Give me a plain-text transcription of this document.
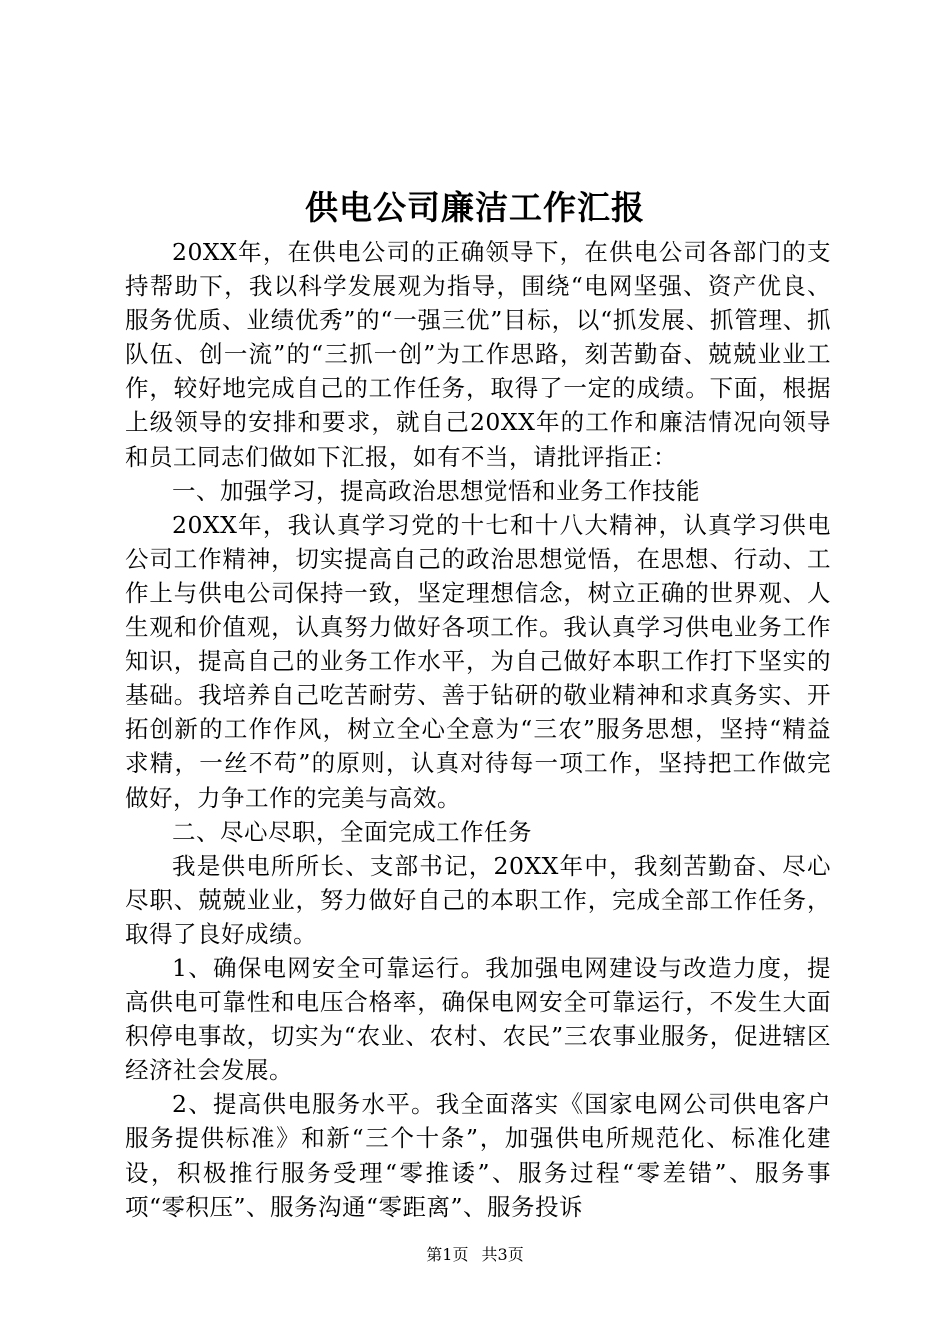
供电公司廉洁工作汇报

20XX年，在供电公司的正确领导下，在供电公司各部门的支持帮助下，我以科学发展观为指导，围绕“电网坚强、资产优良、服务优质、业绩优秀”的“一强三优”目标，以“抓发展、抓管理、抓队伍、创一流”的“三抓一创”为工作思路，刻苦勤奋、兢兢业业工作，较好地完成自己的工作任务，取得了一定的成绩。下面，根据上级领导的安排和要求，就自己20XX年的工作和廉洁情况向领导和员工同志们做如下汇报，如有不当，请批评指正：

一、加强学习，提高政治思想觉悟和业务工作技能

20XX年，我认真学习党的十七和十八大精神，认真学习供电公司工作精神，切实提高自己的政治思想觉悟，在思想、行动、工作上与供电公司保持一致，坚定理想信念，树立正确的世界观、人生观和价值观，认真努力做好各项工作。我认真学习供电业务工作知识，提高自己的业务工作水平，为自己做好本职工作打下坚实的基础。我培养自己吃苦耐劳、善于钻研的敬业精神和求真务实、开拓创新的工作作风，树立全心全意为“三农”服务思想，坚持“精益求精，一丝不苟”的原则，认真对待每一项工作，坚持把工作做完做好，力争工作的完美与高效。

二、尽心尽职，全面完成工作任务

我是供电所所长、支部书记，20XX年中，我刻苦勤奋、尽心尽职、兢兢业业，努力做好自己的本职工作，完成全部工作任务，取得了良好成绩。

1、确保电网安全可靠运行。我加强电网建设与改造力度，提高供电可靠性和电压合格率，确保电网安全可靠运行，不发生大面积停电事故，切实为“农业、农村、农民”三农事业服务，促进辖区经济社会发展。

2、提高供电服务水平。我全面落实《国家电网公司供电客户服务提供标准》和新“三个十条”，加强供电所规范化、标准化建设，积极推行服务受理“零推诿”、服务过程“零差错”、服务事项“零积压”、服务沟通“零距离”、服务投诉

第1页 共3页
